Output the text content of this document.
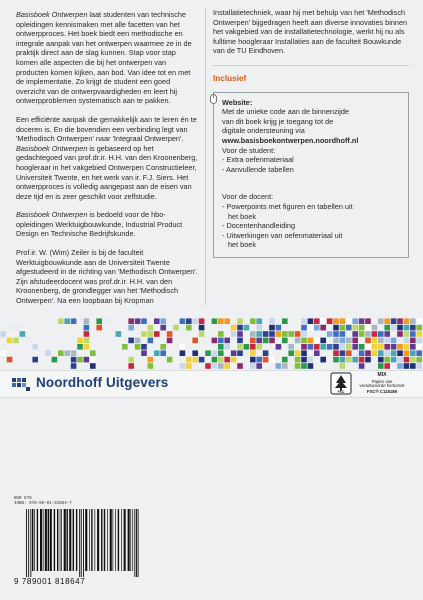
Basisboek Ontwerpen laat studenten van technische opleidingen kennismaken met alle facetten van het ontwerpproces. Het boek biedt een methodische en integrale aanpak van het ontwerpen waarmee ze in de praktijk direct aan de slag kunnen. Stap voor stap komen alle aspecten die bij het ontwerpen van producten komen kijken, aan bod. Van idee tot en met de implementatie. Zo krijgt de student een goed overzicht van de ontwerpvaardigheden en leert hij ontwerpproblemen systematisch aan te pakken.

Een efficiënte aanpak die gemakkelijk aan te leren én te doceren is. En die bovendien een verbinding legt van 'Methodisch Ontwerpen' naar 'Integraal Ontwerpen'. Basisboek Ontwerpen is gebaseerd op het gedachtegoed van prof.dr.ir. H.H. van den Kroonenberg, hoogleraar in het vakgebied Ontwerpen Constructieleer, Universiteit Twente, en het werk van ir. F.J. Siers. Het ontwerpproces is volledig aangepast aan de eisen van deze tijd en is zeer geschikt voor zelfstudie.

Basisboek Ontwerpen is bedoeld voor de hbo-opleidingen Werktuigbouwkunde, Industrial Product Design en Technische Bedrijfskunde.

Prof.ir. W. (Wim) Zeiler is bij de faculteit Werktuigbouwkunde aan de Universiteit Twente afgestudeerd in de richting van 'Methodisch Ontwerpen'. Zijn afstudeerdocent was prof.dr.ir. H.H. van den Kroonenberg, de grondlegger van het 'Methodisch Ontwerpen'. Na een loopbaan bij Kropman

Installatietechniek, waar hij met behulp van het 'Methodisch Ontwerpen' bijgedragen heeft aan diverse innovaties binnen het vakgebied van de installatietechnologie, werkt hij nu als fulltime hoogleraar Installaties aan de faculteit Bouwkunde van de TU Eindhoven.

Inclusief
Website:
Met de unieke code aan de binnenzijde
van dit boek krijg je toegang tot de
digitale ondersteuning via
www.basisboekontwerpen.noordhoff.nl
Voor de student:
- Extra oefenmateriaal
- Aanvullende tabellen
Voor de docent:
- Powerpoints met figuren en tabellen uit
het boek
- Docentenhandleiding
- Uitwerkingen van oefenmateriaal uit
het boek
Noordhoff Uitgevers
FSC
MIX
Papier van
verantwoorde herkomst
FSC® C118189
NUR 978
ISBN: 978-90-01-81864-7
9 789001 818647
